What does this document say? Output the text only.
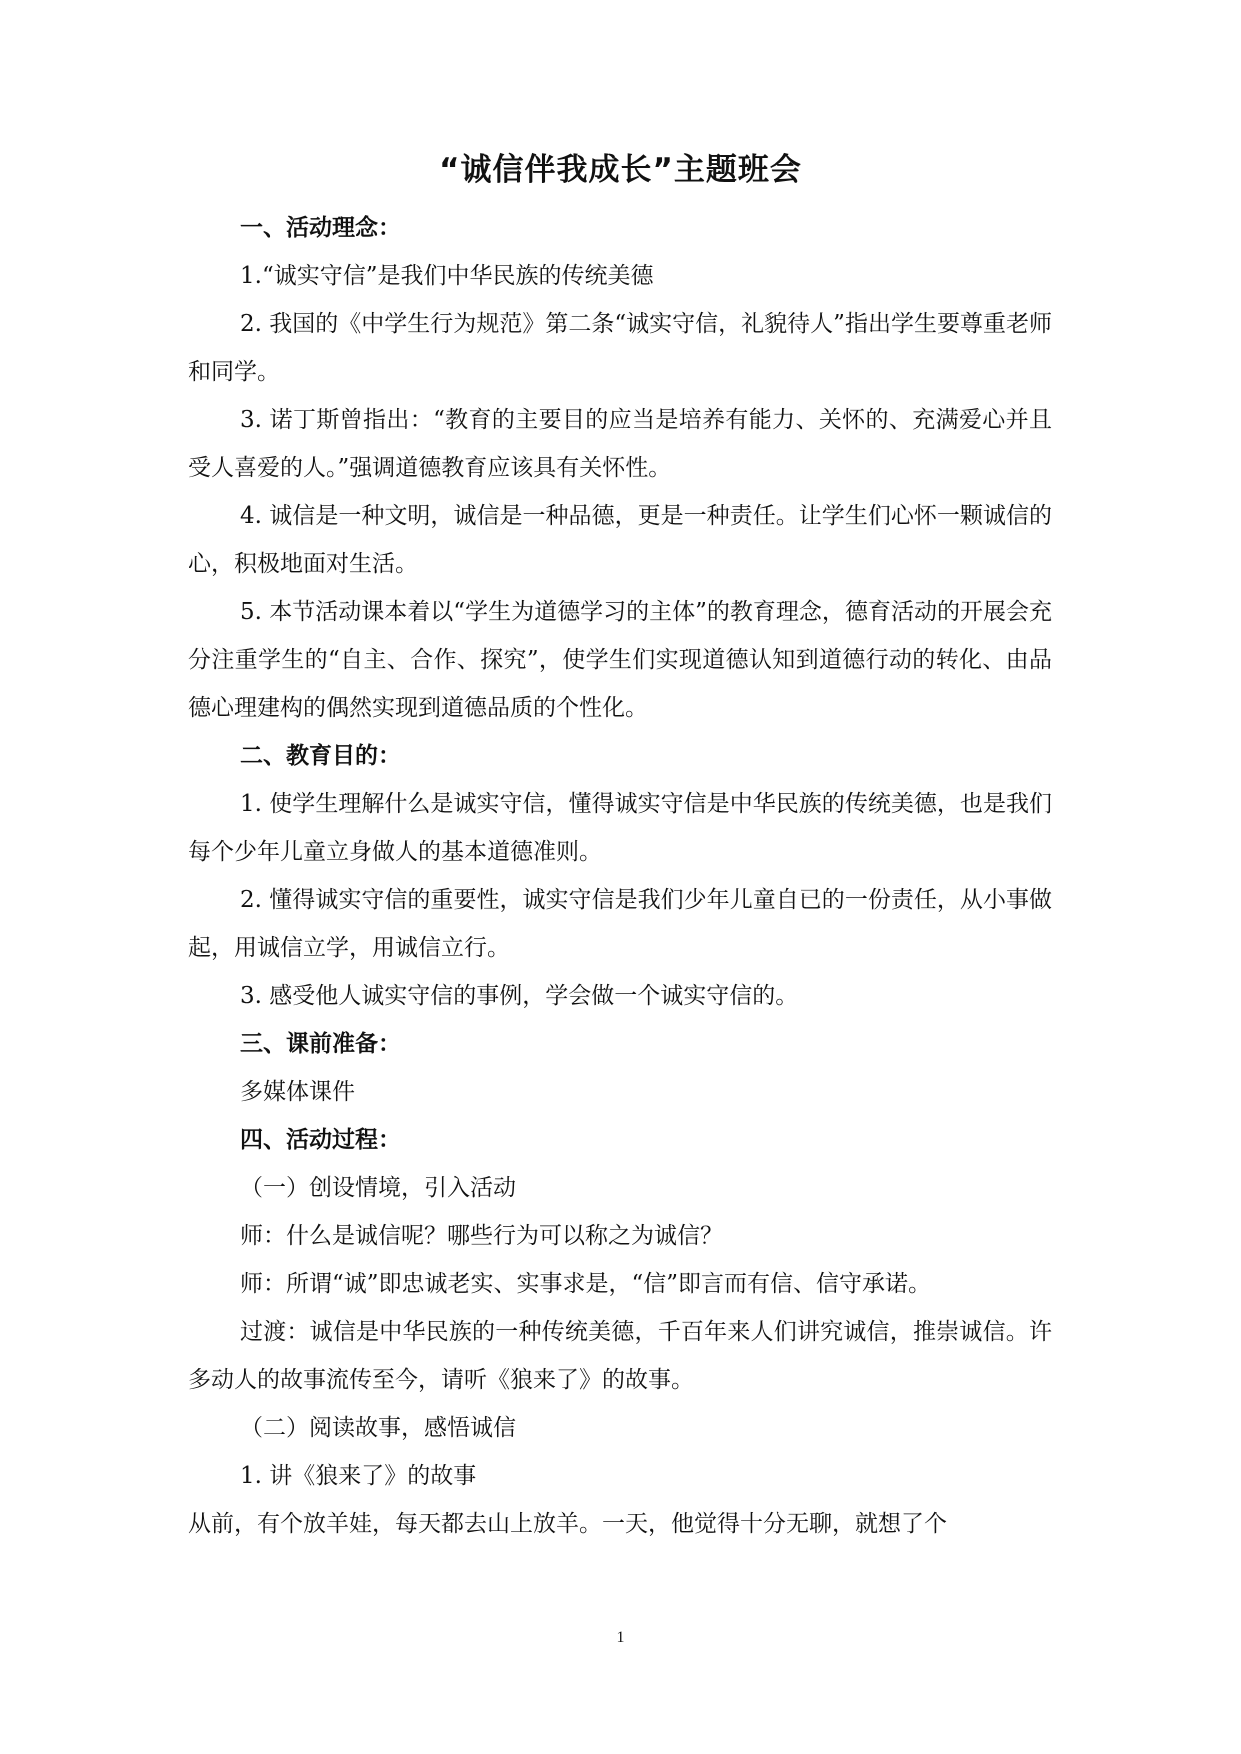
“诚信伴我成长”主题班会

一、活动理念：

1.“诚实守信”是我们中华民族的传统美德

2. 我国的《中学生行为规范》第二条“诚实守信，礼貌待人”指出学生要尊重老师和同学。

3. 诺丁斯曾指出：“教育的主要目的应当是培养有能力、关怀的、充满爱心并且受人喜爱的人。”强调道德教育应该具有关怀性。

4. 诚信是一种文明，诚信是一种品德，更是一种责任。让学生们心怀一颗诚信的心，积极地面对生活。

5. 本节活动课本着以“学生为道德学习的主体”的教育理念，德育活动的开展会充分注重学生的“自主、合作、探究”，使学生们实现道德认知到道德行动的转化、由品德心理建构的偶然实现到道德品质的个性化。

二、教育目的：

1. 使学生理解什么是诚实守信，懂得诚实守信是中华民族的传统美德，也是我们每个少年儿童立身做人的基本道德准则。

2. 懂得诚实守信的重要性，诚实守信是我们少年儿童自已的一份责任，从小事做起，用诚信立学，用诚信立行。

3. 感受他人诚实守信的事例，学会做一个诚实守信的。

三、课前准备：

多媒体课件

四、活动过程：

（一）创设情境，引入活动

师：什么是诚信呢？哪些行为可以称之为诚信？

师：所谓“诚”即忠诚老实、实事求是，“信”即言而有信、信守承诺。

过渡：诚信是中华民族的一种传统美德，千百年来人们讲究诚信，推崇诚信。许多动人的故事流传至今，请听《狼来了》的故事。

（二）阅读故事，感悟诚信

1. 讲《狼来了》的故事

从前，有个放羊娃，每天都去山上放羊。一天，他觉得十分无聊，就想了个

1
